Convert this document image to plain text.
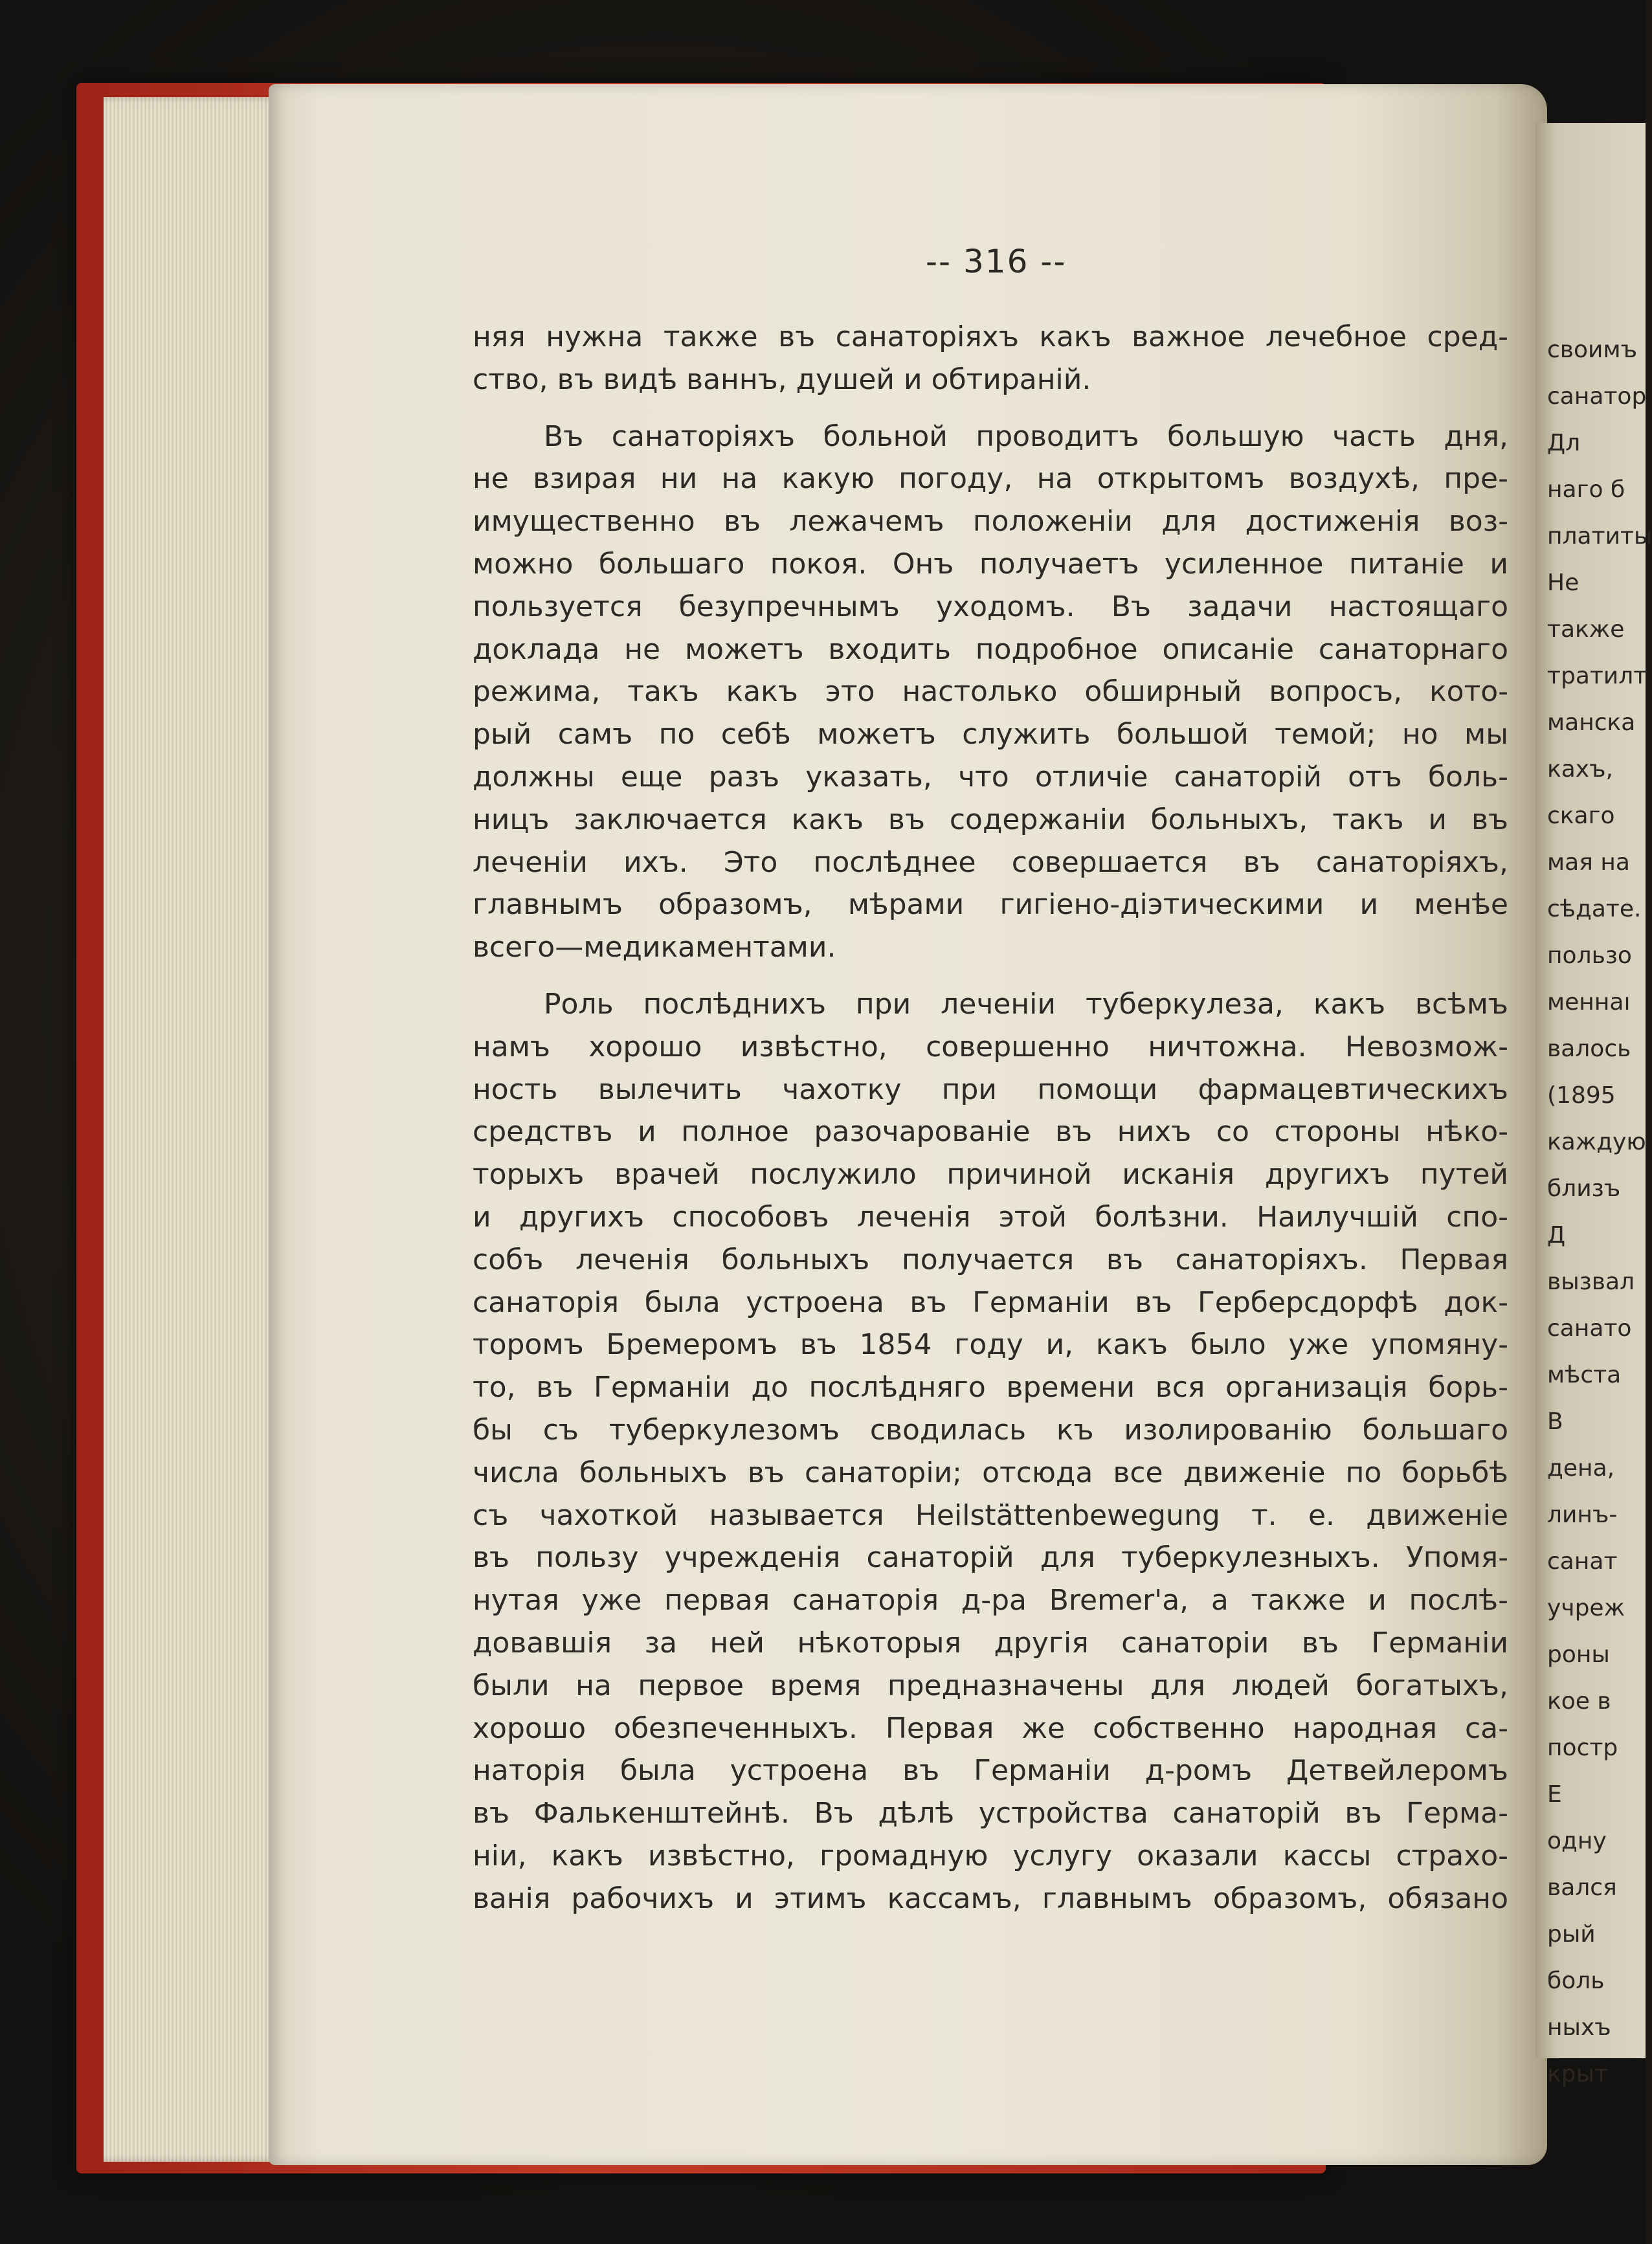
своимъ
санатор
Дл
наго б
платиты
Не
также
тратилт
манска
кахъ,
скаго
мая на
сѣдате.
пользо
меннаı
валось
(1895
каждую
близъ
Д
вызвал
санато
мѣста
В
дена,
линъ-
санат
учреж
роны
кое в
постр
Е
одну
вался
рый
боль
ныхъ
крыт
-- 316 --
няя нужна также въ санаторіяхъ какъ важное лечебное сред-
ство, въ видѣ ваннъ, душей и обтираній.
Въ санаторіяхъ больной проводитъ большую часть дня,
не взирая ни на какую погоду, на открытомъ воздухѣ, пре-
имущественно въ лежачемъ положеніи для достиженія воз-
можно большаго покоя. Онъ получаетъ усиленное питаніе и
пользуется безупречнымъ уходомъ. Въ задачи настоящаго
доклада не можетъ входить подробное описаніе санаторнаго
режима, такъ какъ это настолько обширный вопросъ, кото-
рый самъ по себѣ можетъ служить большой темой; но мы
должны еще разъ указать, что отличіе санаторій отъ боль-
ницъ заключается какъ въ содержаніи больныхъ, такъ и въ
леченіи ихъ. Это послѣднее совершается въ санаторіяхъ,
главнымъ образомъ, мѣрами гигіено-діэтическими и менѣе
всего—медикаментами.
Роль послѣднихъ при леченіи туберкулеза, какъ всѣмъ
намъ хорошо извѣстно, совершенно ничтожна. Невозмож-
ность вылечить чахотку при помощи фармацевтическихъ
средствъ и полное разочарованіе въ нихъ со стороны нѣко-
торыхъ врачей послужило причиной исканія другихъ путей
и другихъ способовъ леченія этой болѣзни. Наилучшій спо-
собъ леченія больныхъ получается въ санаторіяхъ. Первая
санаторія была устроена въ Германіи въ Герберсдорфѣ док-
торомъ Бремеромъ въ 1854 году и, какъ было уже упомяну-
то, въ Германіи до послѣдняго времени вся организація борь-
бы съ туберкулезомъ сводилась къ изолированію большаго
числа больныхъ въ санаторіи; отсюда все движеніе по борьбѣ
съ чахоткой называется Heilstättenbewegung т. е. движеніе
въ пользу учрежденія санаторій для туберкулезныхъ. Упомя-
нутая уже первая санаторія д-ра Bremer'а, а также и послѣ-
довавшія за ней нѣкоторыя другія санаторіи въ Германіи
были на первое время предназначены для людей богатыхъ,
хорошо обезпеченныхъ. Первая же собственно народная са-
наторія была устроена въ Германіи д-ромъ Детвейлеромъ
въ Фалькенштейнѣ. Въ дѣлѣ устройства санаторій въ Герма-
ніи, какъ извѣстно, громадную услугу оказали кассы страхо-
ванія рабочихъ и этимъ кассамъ, главнымъ образомъ, обязано
